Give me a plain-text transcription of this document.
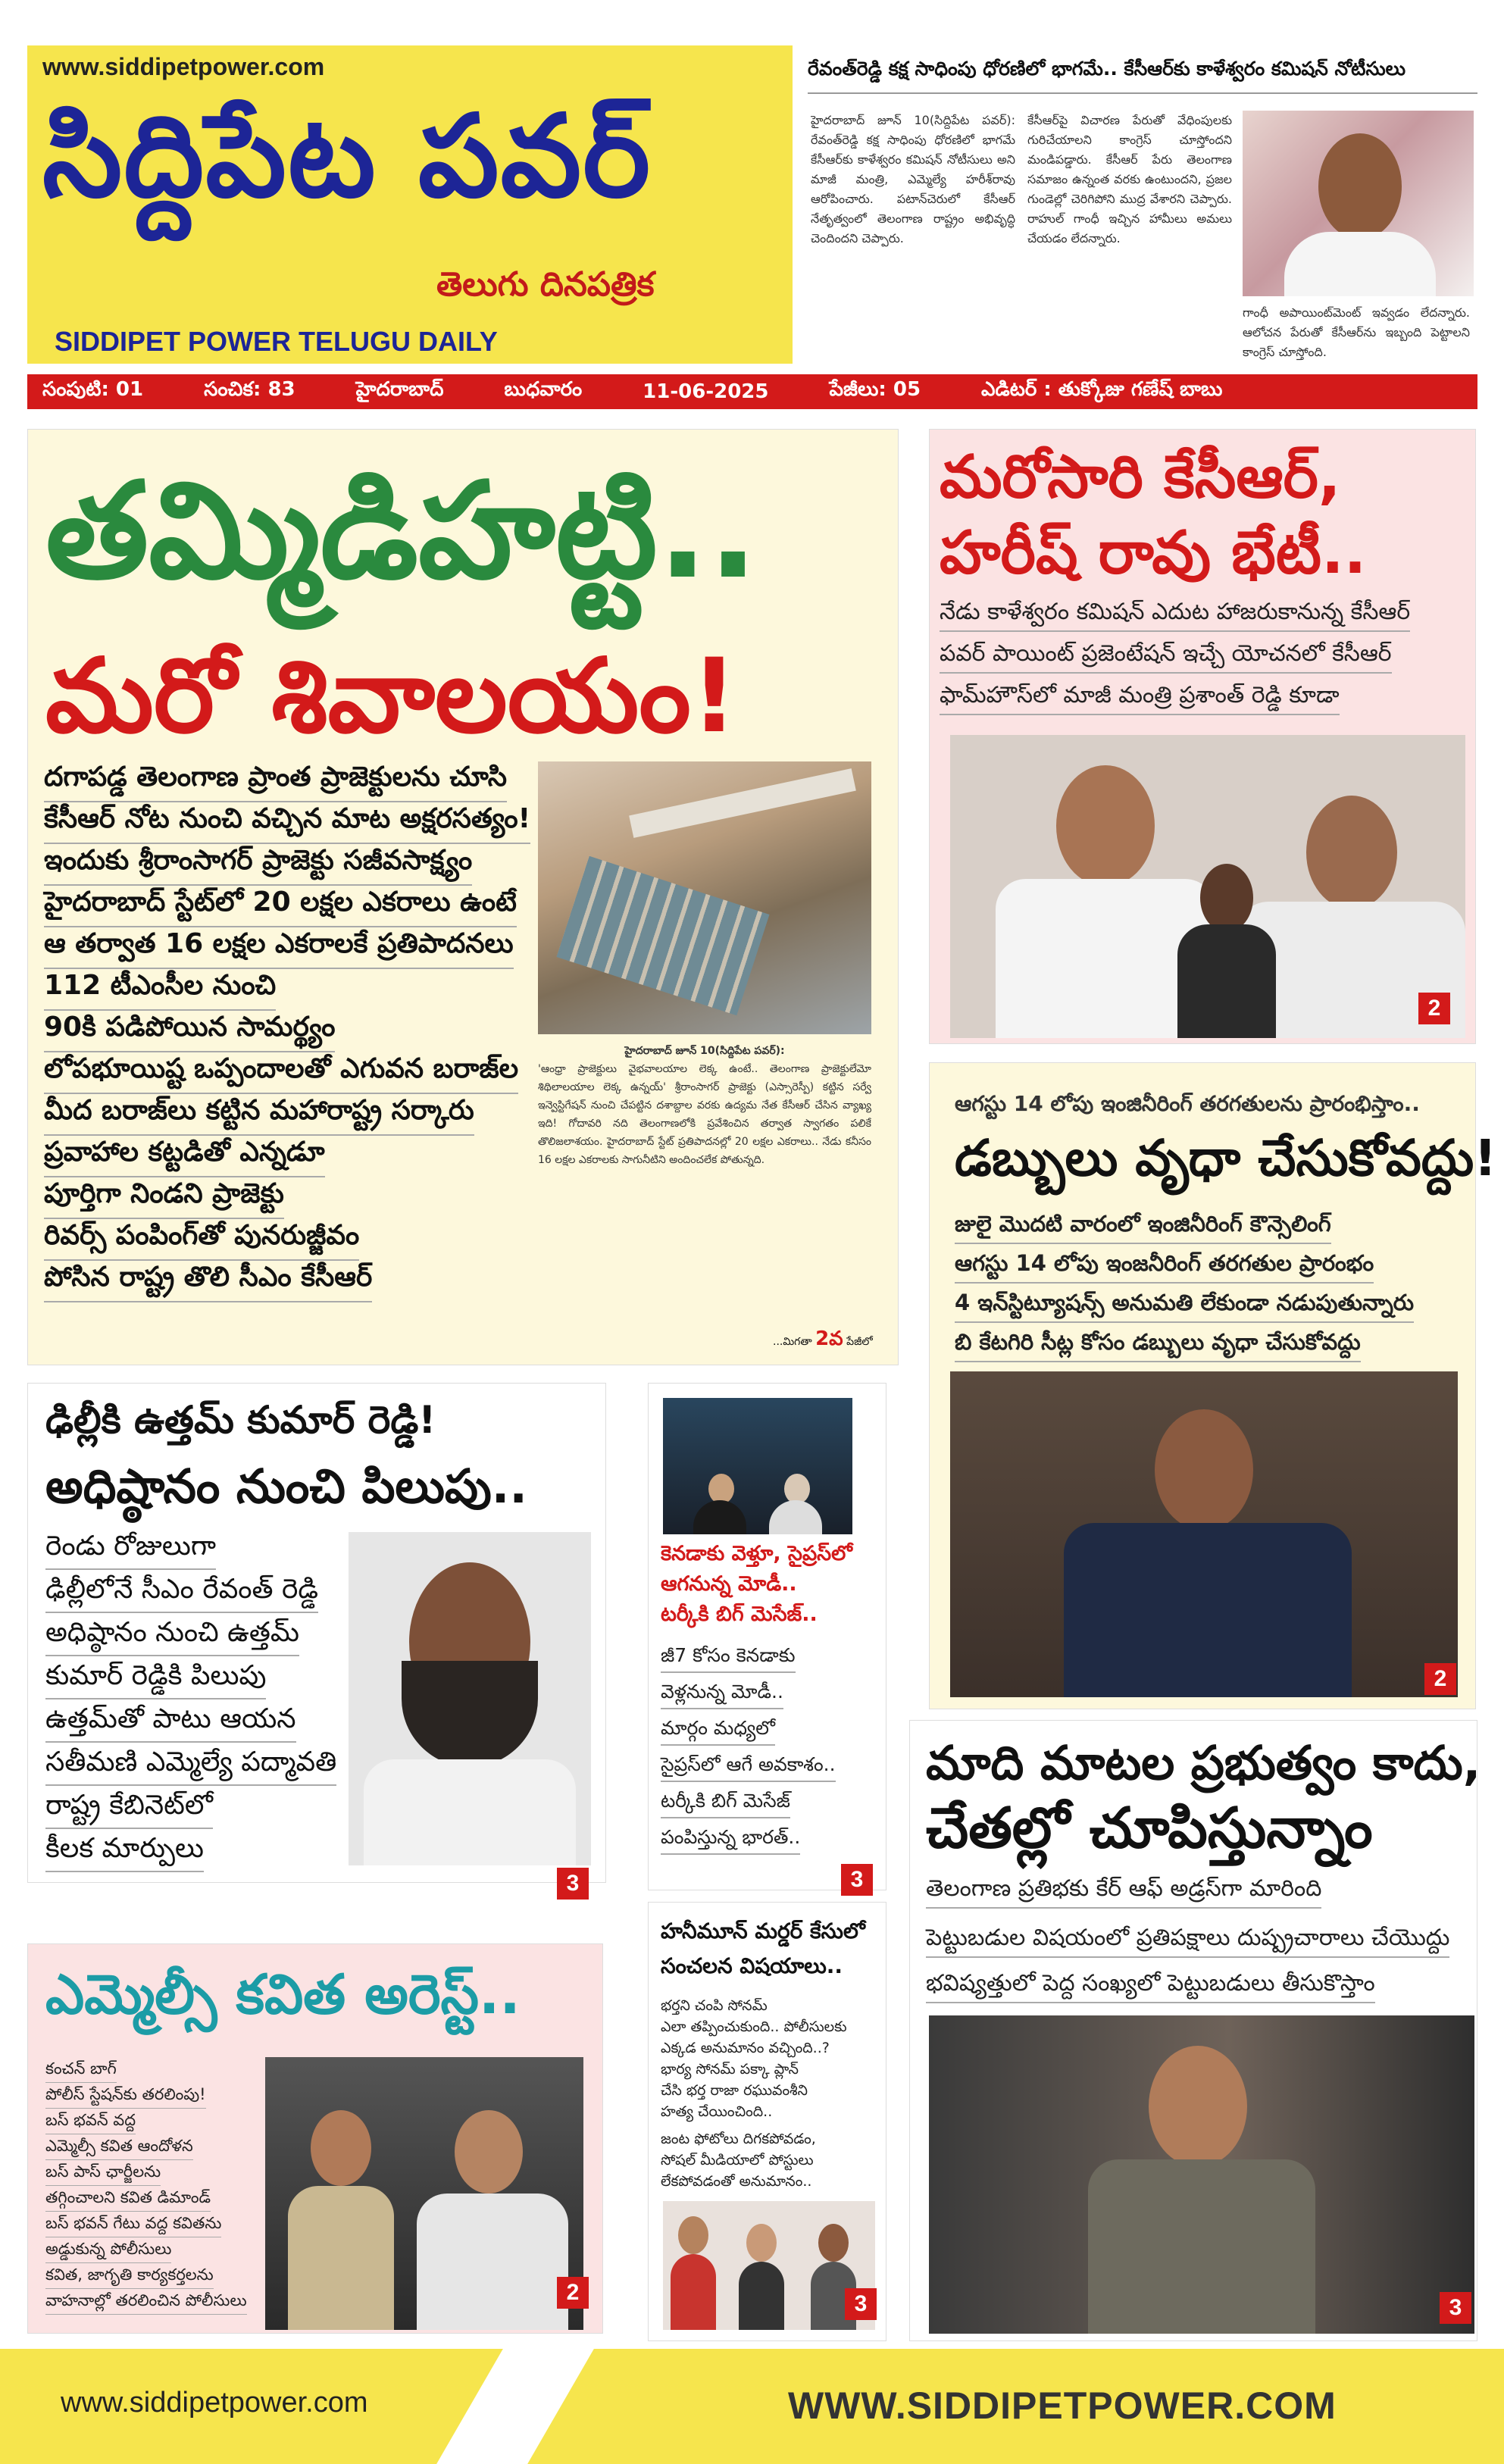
www.siddipetpower.com
సిద్దిపేట పవర్
తెలుగు దినపత్రిక
SIDDIPET POWER TELUGU DAILY
రేవంత్‌రెడ్డి కక్ష సాధింపు ధోరణిలో భాగమే.. కేసీఆర్‌కు కాళేశ్వరం కమిషన్ నోటీసులు
హైదరాబాద్ జూన్ 10(సిద్దిపేట పవర్): రేవంత్‌రెడ్డి కక్ష సాధింపు ధోరణిలో భాగమే కేసీఆర్‌కు కాళేశ్వరం కమిషన్ నోటీసులు అని మాజీ మంత్రి, ఎమ్మెల్యే హరీశ్‌రావు ఆరోపించారు. పటాన్‌చెరులో కేసీఆర్ నేతృత్వంలో తెలంగాణ రాష్ట్రం అభివృద్ధి చెందిందని చెప్పారు.
కేసీఆర్‌పై విచారణ పేరుతో వేధింపులకు గురిచేయాలని కాంగ్రెస్ చూస్తోందని మండిపడ్డారు. కేసీఆర్ పేరు తెలంగాణ సమాజం ఉన్నంత వరకు ఉంటుందని, ప్రజల గుండెల్లో చెరిగిపోని ముద్ర వేశారని చెప్పారు. రాహుల్ గాంధీ ఇచ్చిన హామీలు అమలు చేయడం లేదన్నారు.
గాంధీ అపాయింట్‌మెంట్ ఇవ్వడం లేదన్నారు. ఆలోచన పేరుతో కేసీఆర్‌ను ఇబ్బంది పెట్టాలని కాంగ్రెస్ చూస్తోంది.
సంపుటి: 01	సంచిక: 83	హైదరాబాద్	బుధవారం	11-06-2025	పేజీలు: 05	ఎడిటర్ : తుక్కోజు గణేష్ బాబు
తమ్మిడిహట్టి..
మరో శివాలయం!
దగాపడ్డ తెలంగాణ ప్రాంత ప్రాజెక్టులను చూసి
కేసీఆర్ నోట నుంచి వచ్చిన మాట అక్షరసత్యం!
ఇందుకు శ్రీరాంసాగర్ ప్రాజెక్టు సజీవసాక్ష్యం
హైదరాబాద్ స్టేట్‌లో 20 లక్షల ఎకరాలు ఉంటే
ఆ తర్వాత 16 లక్షల ఎకరాలకే ప్రతిపాదనలు
112 టీఎంసీల నుంచి
90కి పడిపోయిన సామర్థ్యం
లోపభూయిష్ట ఒప్పందాలతో ఎగువన బరాజ్‌ల
మీద బరాజ్‌లు కట్టిన మహారాష్ట్ర సర్కారు
ప్రవాహాల కట్టడితో ఎన్నడూ
పూర్తిగా నిండని ప్రాజెక్టు
రివర్స్ పంపింగ్‌తో పునరుజ్జీవం
పోసిన రాష్ట్ర తొలి సీఎం కేసీఆర్
హైదరాబాద్ జూన్ 10(సిద్దిపేట పవర్):
'ఆంధ్రా ప్రాజెక్టులు వైభవాలయాల లెక్క ఉంటే.. తెలంగాణ ప్రాజెక్టులేమో శిథిలాలయాల లెక్క ఉన్నయ్' శ్రీరాంసాగర్ ప్రాజెక్టు (ఎస్సారెస్పీ) కట్టిన సర్వే ఇన్వెస్టిగేషన్ నుంచి చేపట్టిన దశాబ్దాల వరకు ఉద్యమ నేత కేసీఆర్ చేసిన వ్యాఖ్య ఇది! గోదావరి నది తెలంగాణలోకి ప్రవేశించిన తర్వాత స్వాగతం పలికే తొలిజలాశయం. హైదరాబాద్ స్టేట్ ప్రతిపాదనల్లో 20 లక్షల ఎకరాలు.. నేడు కనీసం 16 లక్షల ఎకరాలకు సాగునీటిని అందించలేక పోతున్నది.
...మిగతా 2వ పేజీలో
మరోసారి కేసీఆర్,
హరీష్ రావు భేటీ..
నేడు కాళేశ్వరం కమిషన్ ఎదుట హాజరుకానున్న కేసీఆర్
పవర్ పాయింట్ ప్రజెంటేషన్ ఇచ్చే యోచనలో కేసీఆర్
ఫామ్‌హౌస్‌లో మాజీ మంత్రి ప్రశాంత్ రెడ్డి కూడా
2
ఆగస్టు 14 లోపు ఇంజినీరింగ్ తరగతులను ప్రారంభిస్తాం..
డబ్బులు వృధా చేసుకోవద్దు!
జులై మొదటి వారంలో ఇంజినీరింగ్ కౌన్సెలింగ్
ఆగస్టు 14 లోపు ఇంజనీరింగ్ తరగతుల ప్రారంభం
4 ఇన్‌స్టిట్యూషన్స్ అనుమతి లేకుండా నడుపుతున్నారు
బి కేటగిరి సీట్ల కోసం డబ్బులు వృధా చేసుకోవద్దు
2
ఢిల్లీకి ఉత్తమ్ కుమార్ రెడ్డి!
అధిష్ఠానం నుంచి పిలుపు..
రెండు రోజులుగా
ఢిల్లీలోనే సీఎం రేవంత్ రెడ్డి
అధిష్ఠానం నుంచి ఉత్తమ్
కుమార్ రెడ్డికి పిలుపు
ఉత్తమ్‌తో పాటు ఆయన
సతీమణి ఎమ్మెల్యే పద్మావతి
రాష్ట్ర కేబినెట్‌లో
కీలక మార్పులు
3
కెనడాకు వెళ్తూ, సైప్రస్‌లో
ఆగనున్న మోడీ..
టర్కీకి బిగ్ మెసేజ్..
జీ7 కోసం కెనడాకు
వెళ్లనున్న మోడీ..
మార్గం మధ్యలో
సైప్రస్‌లో ఆగే అవకాశం..
టర్కీకి బిగ్ మెసేజ్
పంపిస్తున్న భారత్..
3
హనీమూన్ మర్డర్ కేసులో
సంచలన విషయాలు..
భర్తని చంపి సోనమ్
ఎలా తప్పించుకుంది.. పోలీసులకు
ఎక్కడ అనుమానం వచ్చింది..?
భార్య సోనమ్ పక్కా ప్లాన్
చేసి భర్త రాజా రఘువంశీని
హత్య చేయించింది..
జంట ఫోటోలు దిగకపోవడం,
సోషల్ మీడియాలో పోస్టులు
లేకపోవడంతో అనుమానం..
3
ఎమ్మెల్సీ కవిత అరెస్ట్..
కంచన్ బాగ్
పోలీస్ స్టేషన్‌కు తరలింపు!
బస్ భవన్ వద్ద
ఎమ్మెల్సీ కవిత ఆందోళన
బస్ పాస్ ఛార్జీలను
తగ్గించాలని కవిత డిమాండ్
బస్ భవన్ గేటు వద్ద కవితను
అడ్డుకున్న పోలీసులు
కవిత, జాగృతి కార్యకర్తలను
వాహనాల్లో తరలించిన పోలీసులు	2
మాది మాటల ప్రభుత్వం కాదు,
చేతల్లో చూపిస్తున్నాం
తెలంగాణ ప్రతిభకు కేర్ ఆఫ్ అడ్రస్‌గా మారింది
పెట్టుబడుల విషయంలో ప్రతిపక్షాలు దుష్ప్రచారాలు చేయొద్దు
భవిష్యత్తులో పెద్ద సంఖ్యలో పెట్టుబడులు తీసుకొస్తాం
3
www.siddipetpower.com	WWW.SIDDIPETPOWER.COM
